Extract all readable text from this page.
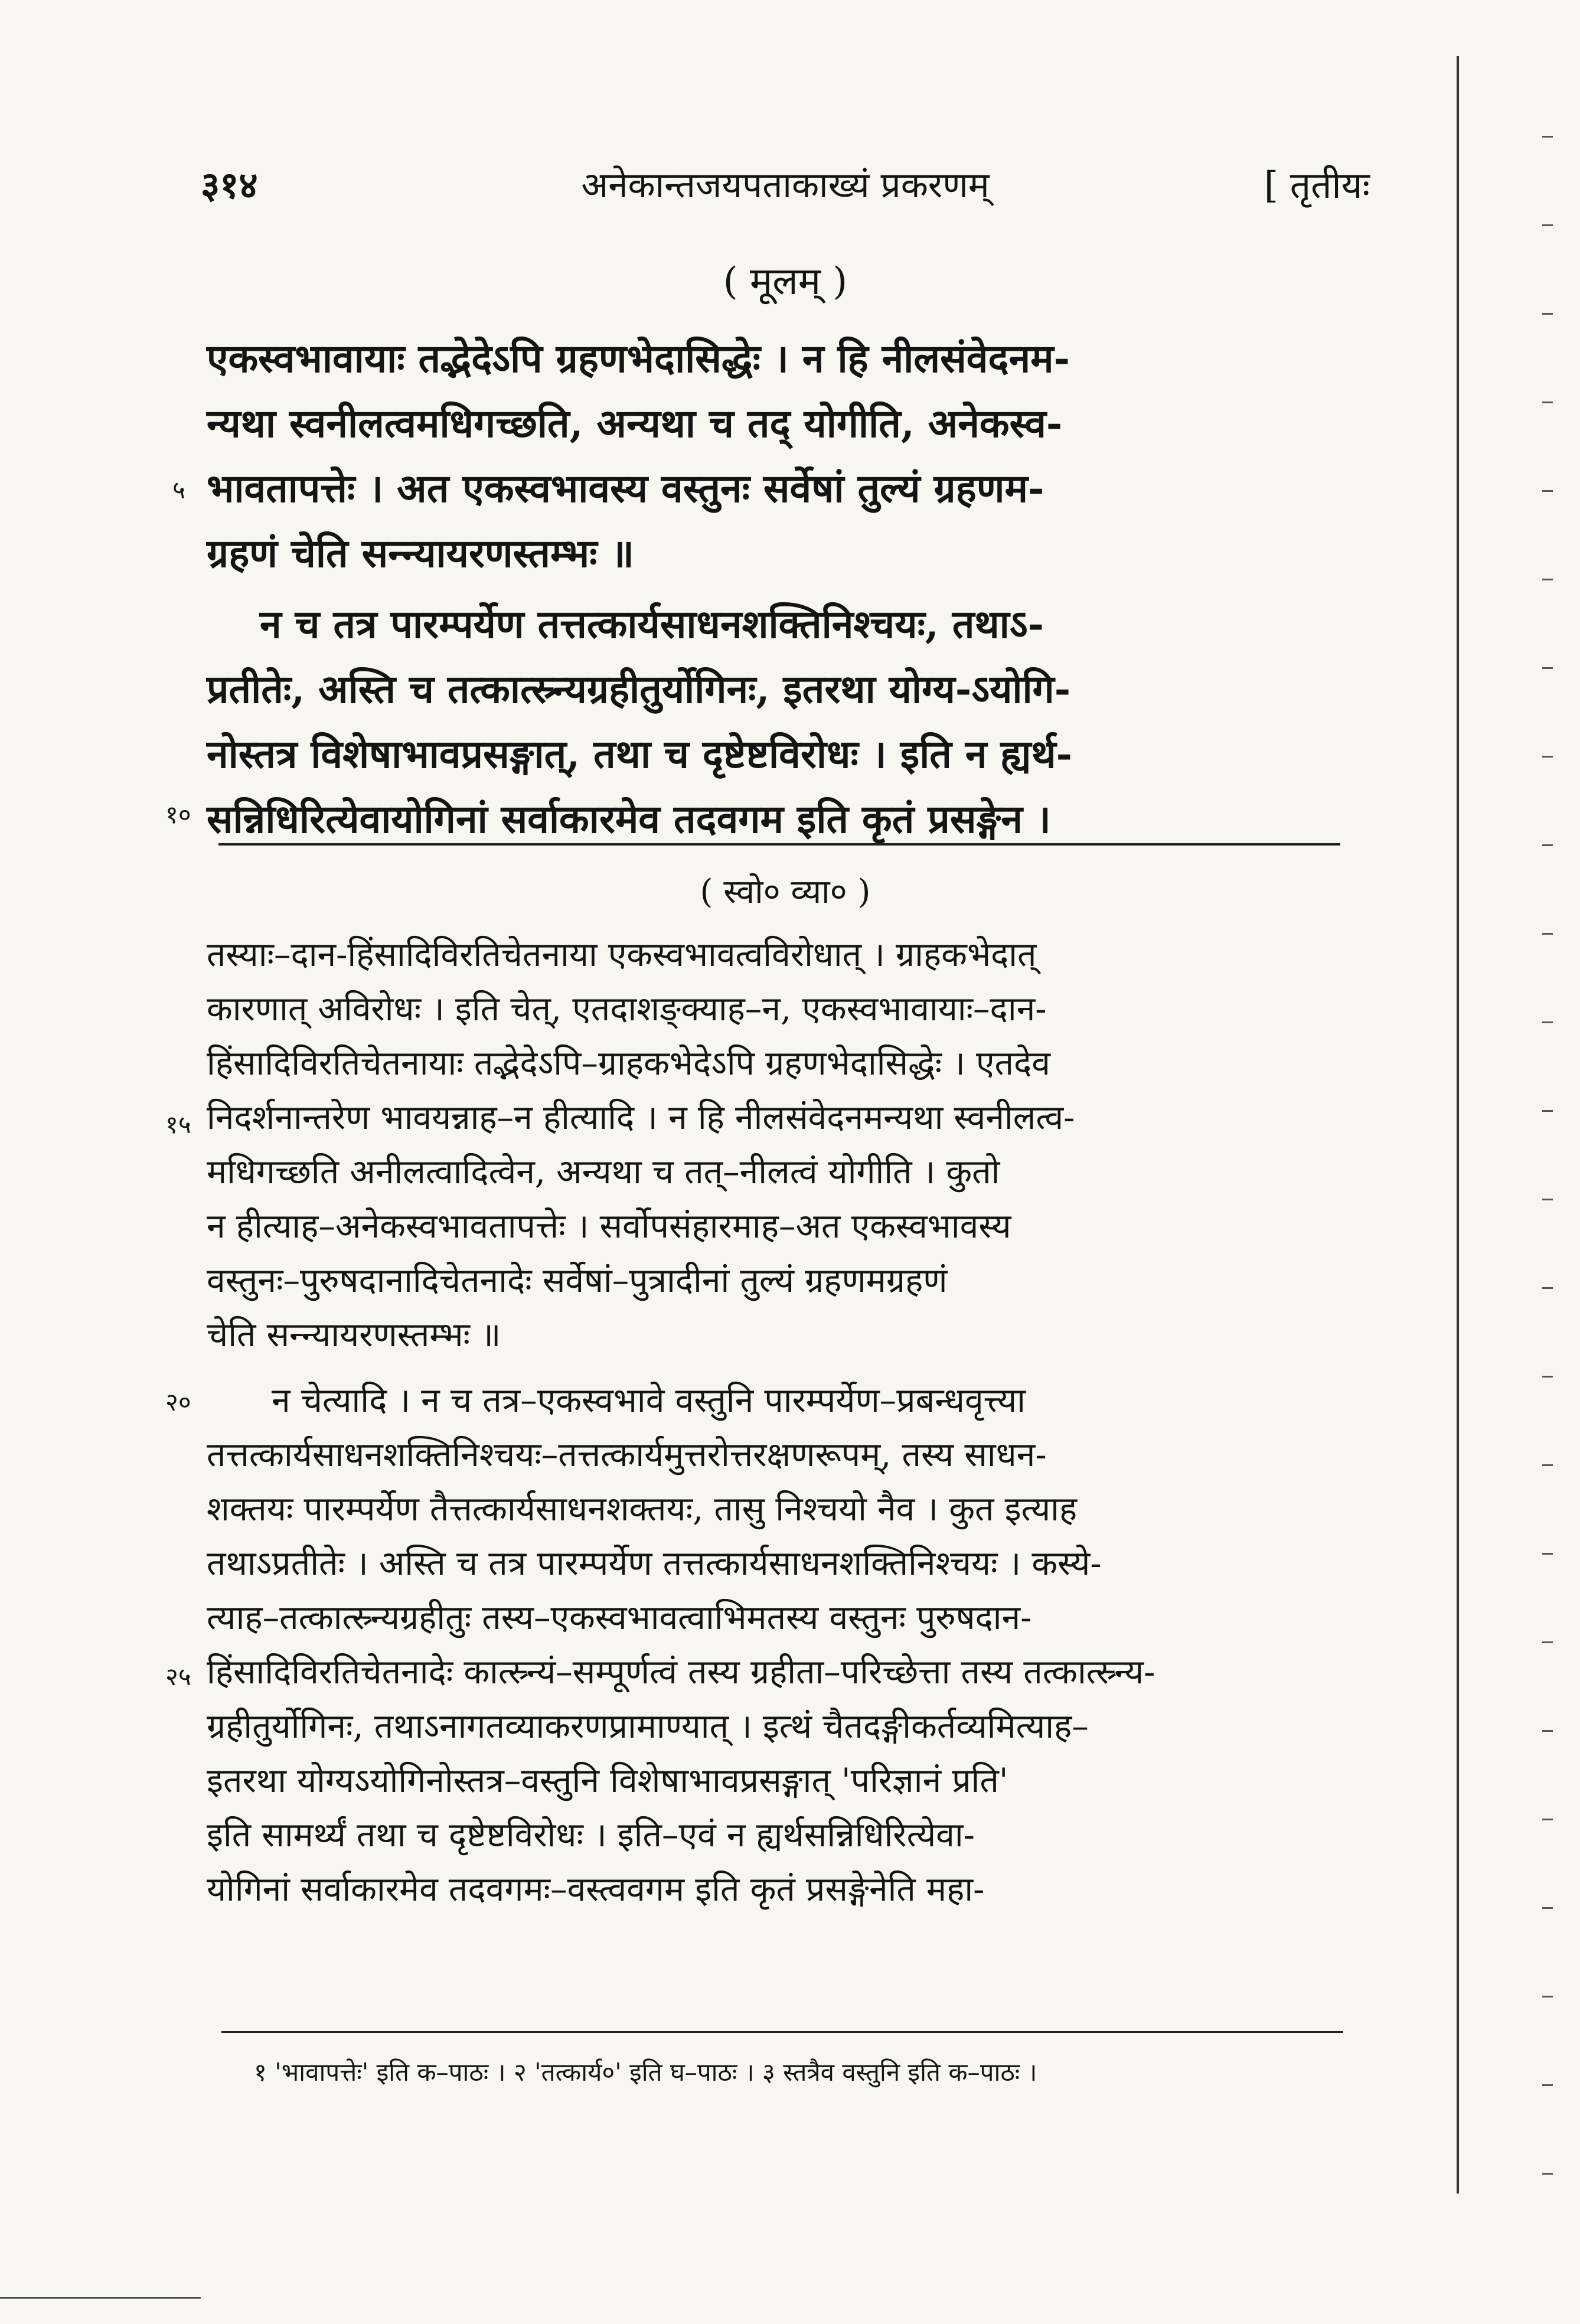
३१४	अनेकान्तजयपताकाख्यं प्रकरणम्	[ तृतीयः
( मूलम् )
एकस्वभावायाः तद्भेदेऽपि ग्रहणभेदासिद्धेः । न हि नीलसंवेदनम-
न्यथा स्वनीलत्वमधिगच्छति, अन्यथा च तद् योगीति, अनेकस्व-
भावतापत्तेः । अत एकस्वभावस्य वस्तुनः सर्वेषां तुल्यं ग्रहणम-
ग्रहणं चेति सन्न्यायरणस्तम्भः ॥
न च तत्र पारम्पर्येण तत्तत्कार्यसाधनशक्तिनिश्चयः, तथाऽ-
प्रतीतेः, अस्ति च तत्कात्स्र्न्यग्रहीतुर्योगिनः, इतरथा योग्य-ऽयोगि-
नोस्तत्र विशेषाभावप्रसङ्गात्, तथा च दृष्टेष्टविरोधः । इति न ह्यर्थ-
सन्निधिरित्येवायोगिनां सर्वाकारमेव तदवगम इति कृतं प्रसङ्गेन ।
५
१०
( स्वो० व्या० )
तस्याः–दान-हिंसादिविरतिचेतनाया एकस्वभावत्वविरोधात् । ग्राहकभेदात्
कारणात् अविरोधः । इति चेत्, एतदाशङ्क्याह–न, एकस्वभावायाः–दान-
हिंसादिविरतिचेतनायाः तद्भेदेऽपि–ग्राहकभेदेऽपि ग्रहणभेदासिद्धेः । एतदेव
निदर्शनान्तरेण भावयन्नाह–न हीत्यादि । न हि नीलसंवेदनमन्यथा स्वनीलत्व-
मधिगच्छति अनीलत्वादित्वेन, अन्यथा च तत्–नीलत्वं योगीति । कुतो
न हीत्याह–अनेकस्वभावतापत्तेः । सर्वोपसंहारमाह–अत एकस्वभावस्य
वस्तुनः–पुरुषदानादिचेतनादेः सर्वेषां–पुत्रादीनां तुल्यं ग्रहणमग्रहणं
चेति सन्न्यायरणस्तम्भः ॥
न चेत्यादि । न च तत्र–एकस्वभावे वस्तुनि पारम्पर्येण–प्रबन्धवृत्त्या
तत्तत्कार्यसाधनशक्तिनिश्चयः–तत्तत्कार्यमुत्तरोत्तरक्षणरूपम्, तस्य साधन-
शक्तयः पारम्पर्येण तैत्तत्कार्यसाधनशक्तयः, तासु निश्चयो नैव । कुत इत्याह
तथाऽप्रतीतेः । अस्ति च तत्र पारम्पर्येण तत्तत्कार्यसाधनशक्तिनिश्चयः । कस्ये-
त्याह–तत्कात्स्र्न्यग्रहीतुः तस्य–एकस्वभावत्वाभिमतस्य वस्तुनः पुरुषदान-
हिंसादिविरतिचेतनादेः कात्स्र्न्यं–सम्पूर्णत्वं तस्य ग्रहीता–परिच्छेत्ता तस्य तत्कात्स्र्न्य-
ग्रहीतुर्योगिनः, तथाऽनागतव्याकरणप्रामाण्यात् । इत्थं चैतदङ्गीकर्तव्यमित्याह–
इतरथा योग्यऽयोगिनोस्तत्र–वस्तुनि विशेषाभावप्रसङ्गात् 'परिज्ञानं प्रति'
इति सामर्थ्यं तथा च दृष्टेष्टविरोधः । इति–एवं न ह्यर्थसन्निधिरित्येवा-
योगिनां सर्वाकारमेव तदवगमः–वस्त्ववगम इति कृतं प्रसङ्गेनेति महा-
१५
२०
२५
१ 'भावापत्तेः' इति क–पाठः । २ 'तत्कार्य०' इति घ–पाठः । ३ स्तत्रैव वस्तुनि इति क–पाठः ।
